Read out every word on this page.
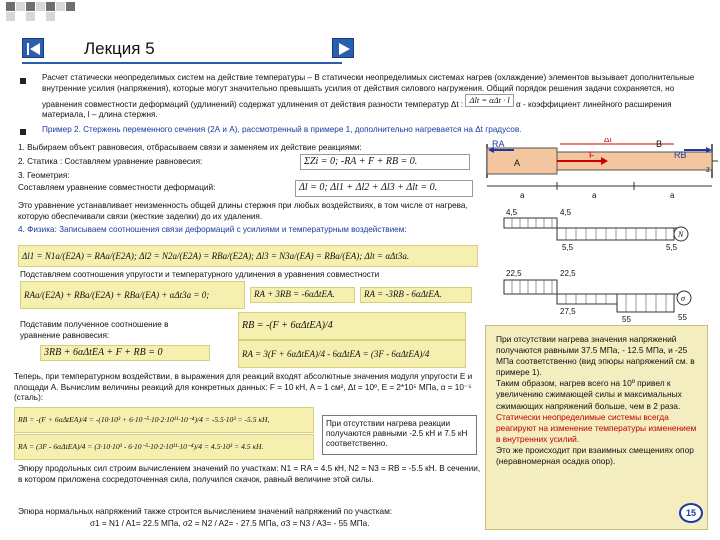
Лекция 5
Расчет статически неопределимых систем на действие температуры – В статически неопределимых системах нагрев (охлаждение) элементов вызывает дополнительные внутренние усилия (напряжения), которые могут значительно превышать усилия от действия силового нагружения. Общий порядок решения задачи сохраняется, но уравнения совместности деформаций (удлинений) содержат удлинения от действия разности температур Δt : Δlt = αΔt · l α - коэффициент линейного расширения материала, l – длина стержня.
Пример 2. Стержень переменного сечения (2А и А), рассмотренный в примере 1, дополнительно нагревается на Δt градусов.
1. Выбираем объект равновесия, отбрасываем связи и заменяем их действие реакциями:
2. Статика : Составляем уравнение равновесия:	ΣZi = 0; -RA + F + RB = 0.
3. Геометрия:
Составляем уравнение совместности деформаций:	Δl = 0; Δl1 + Δl2 + Δl3 + Δlt = 0.
Это уравнение устанавливает неизменность общей длины стержня при любых воздействиях, в том числе от нагрева, которую обеспечивали связи (жесткие заделки) до их удаления.
4. Физика: Записываем соотношения связи деформаций с усилиями и температурным воздействием:
Δl1 = N1a/(E2A) = RAa/(E2A); Δl2 = N2a/(E2A) = RBa/(E2A); Δl3 = N3a/(EA) = RBa/(EA); Δlt = αΔt3a.
Подставляем соотношения упругости и температурного удлинения в уравнения совместности
RAa/(E2A) + RBa/(E2A) + RBa/(EA) + αΔt3a = 0;	RA + 3RB = -6αΔtEA.	RA = -3RB - 6αΔtEA.
Подставим полученное соотношение в уравнение равновесия:
3RB + 6αΔtEA + F + RB = 0
RB = -(F + 6αΔtEA)/4
RA = 3(F + 6αΔtEA)/4 - 6αΔtEA = (3F - 6αΔtEA)/4
Теперь, при температурном воздействии, в выражения для реакций входят абсолютные значения модуля упругости E и площади A. Вычислим величины реакций для конкретных данных: F = 10 кН, A = 1 см², Δt = 10º, E = 2*10⁵ МПа, α = 10⁻⁵ (сталь):
RB = -(F + 6αΔtEA)/4 = -(10·10³ + 6·10⁻⁵·10·2·10¹¹·10⁻⁴)/4 = -5.5·10³ = -5.5 кН,
RA = (3F - 6αΔtEA)/4 = (3·10·10³ - 6·10⁻⁵·10·2·10¹¹·10⁻⁴)/4 = 4.5·10³ = 4.5 кН.
При отсутствии нагрева реакции получаются равными -2.5 кН и 7.5 кН соответственно.
Эпюру продольных сил строим вычислением значений по участкам: N1 = RA = 4.5 кН, N2 = N3 = RB = -5.5 кН. В сечении, в котором приложена сосредоточенная сила, получился скачок, равный величине этой силы.
Эпюра нормальных напряжений также строится вычислением значений напряжений по участкам:
σ1 = N1 / A1= 22.5 МПа, σ2 = N2 / A2= - 27.5 МПа, σ3 = N3 / A3= - 55 МПа.
RA
A
B
RB
F
Δt
z
a	a	a
4,5	4,5
5,5	5,5
N
22,5	22,5
27,5
55	55
σ
При отсутствии нагрева значения напряжений получаются равными 37.5 МПа, - 12.5 МПа, и -25 МПа соответственно (вид эпюры напряжений см. в примере 1).
Таким образом, нагрев всего на 10º привел к увеличению сжимающей силы и максимальных сжимающих напряжений больше, чем в 2 раза.
Статически неопределимые системы всегда реагируют на изменение температуры изменением в внутренних усилий.
Это же происходит при взаимных смещениях опор (неравномерная осадка опор).
15
